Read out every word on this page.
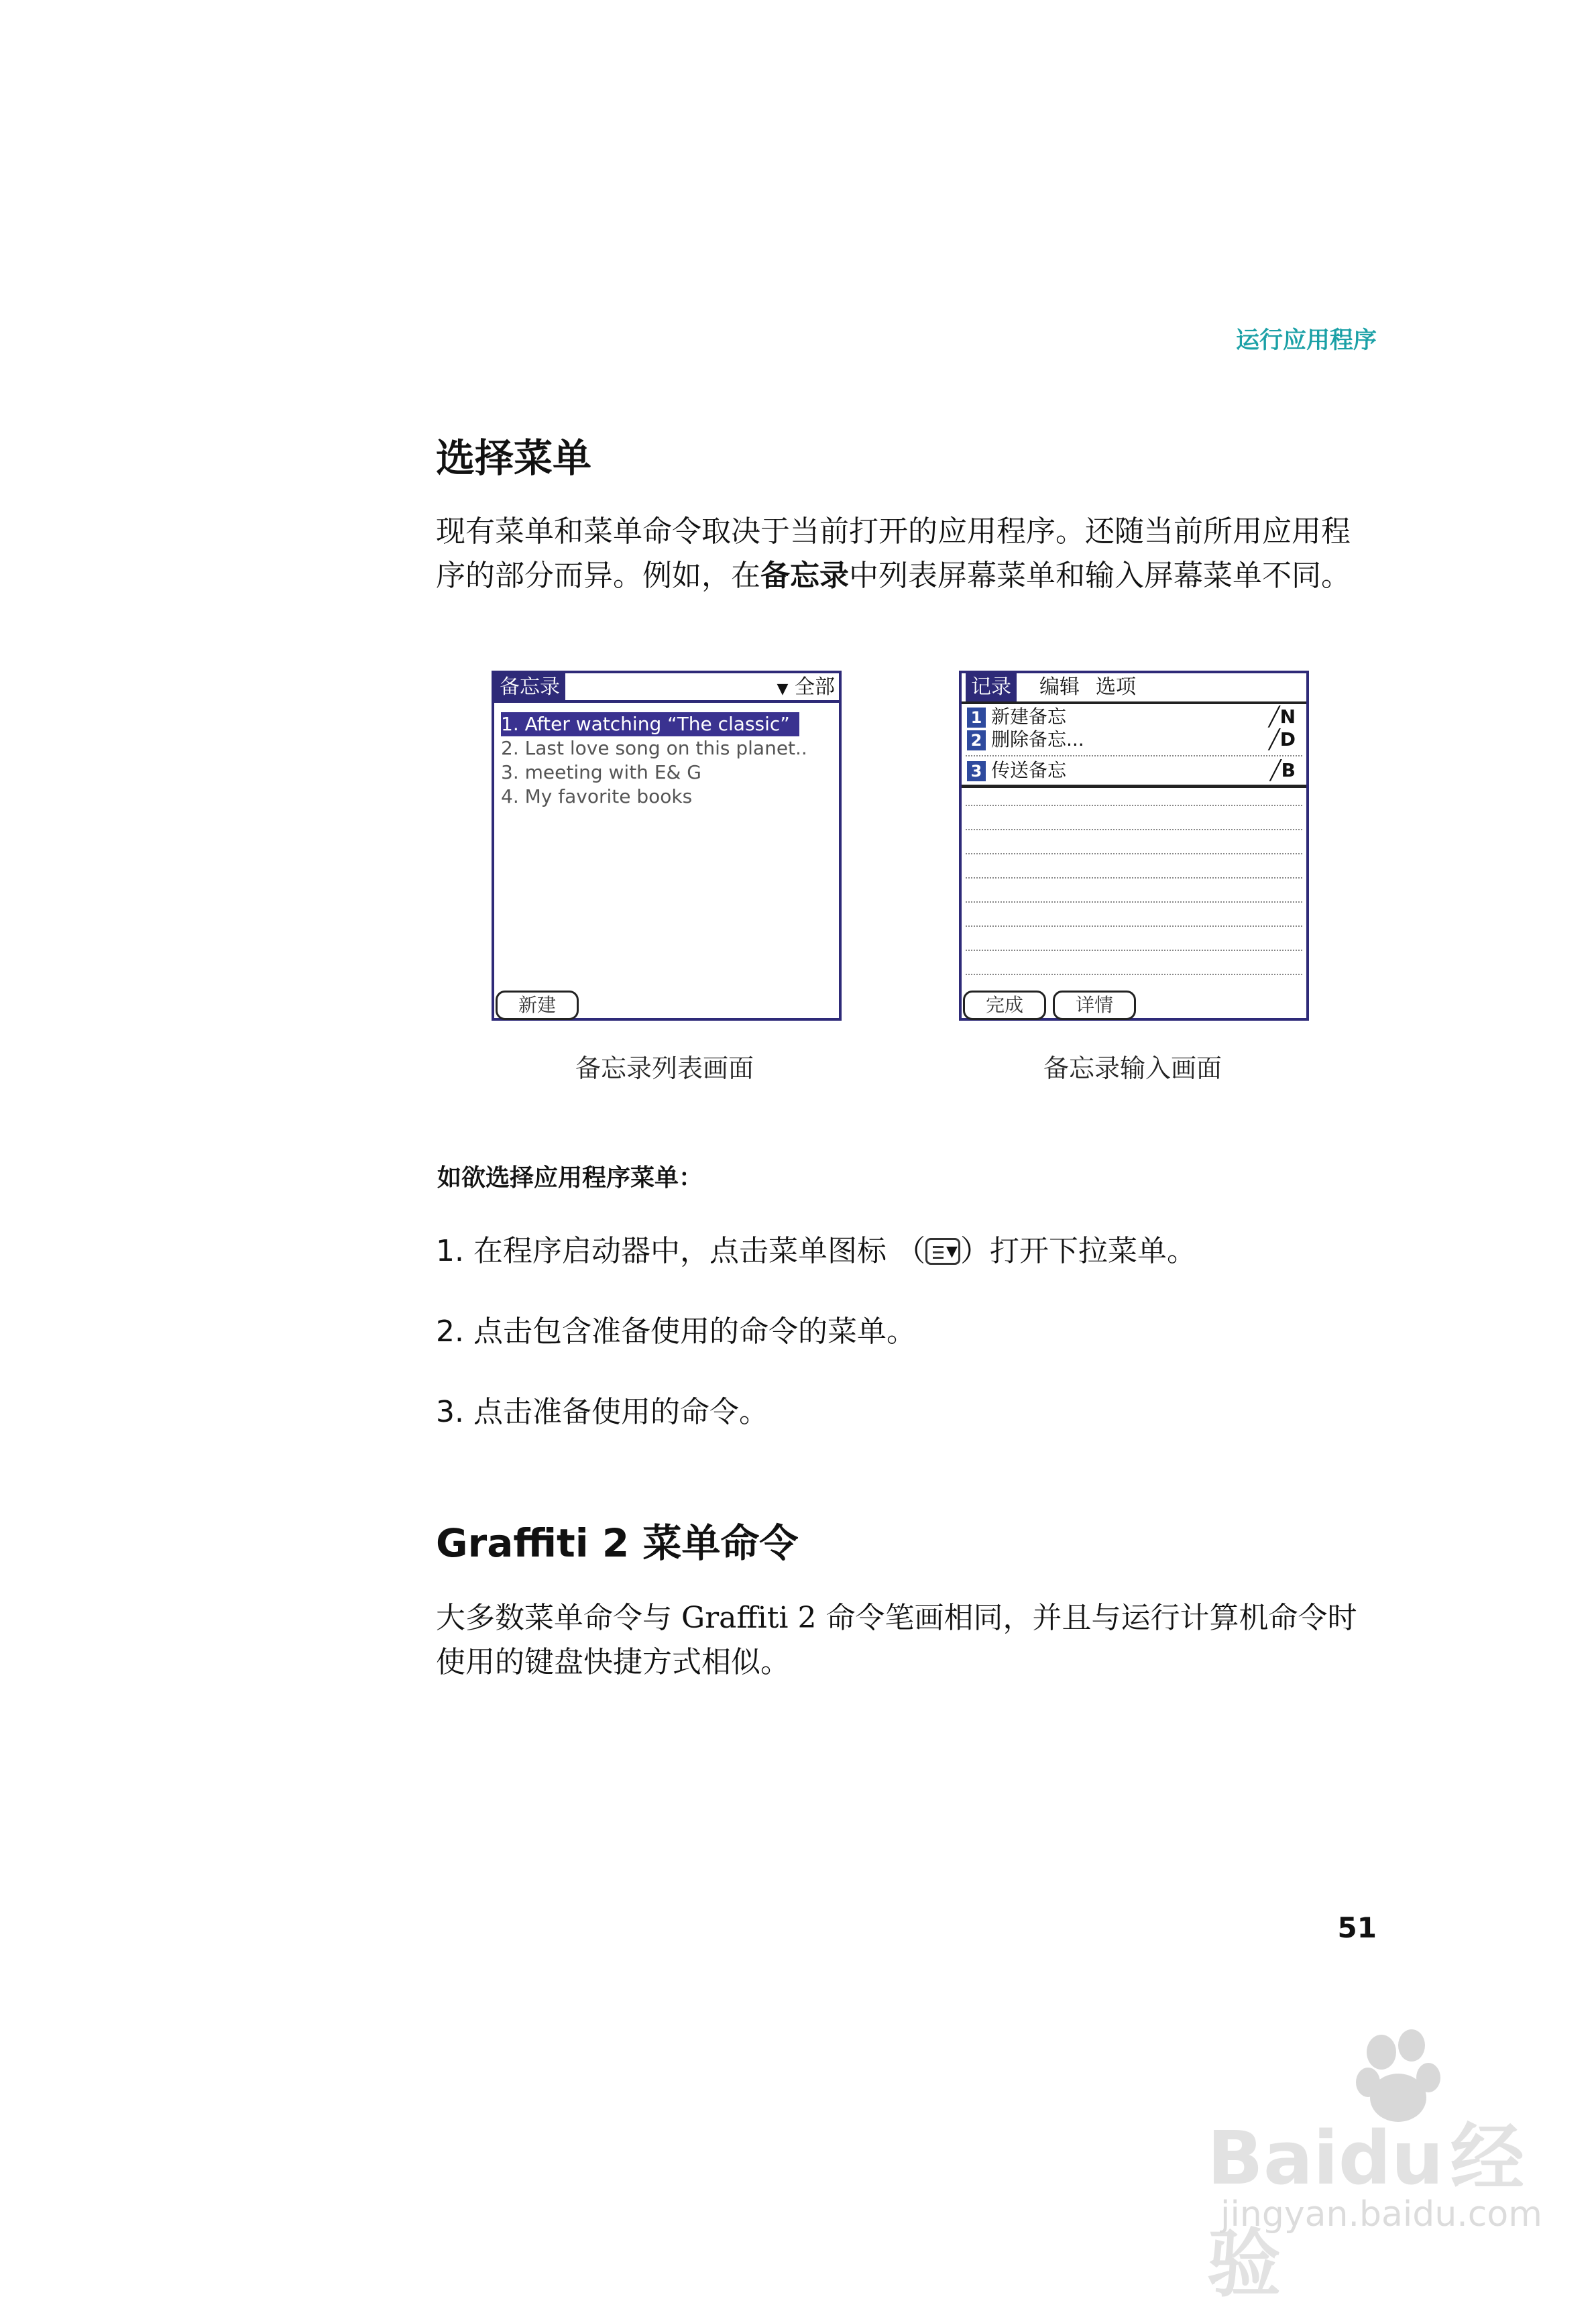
运行应用程序
选择菜单
现有菜单和菜单命令取决于当前打开的应用程序。还随当前所用应用程序的部分而异。例如，在备忘录中列表屏幕菜单和输入屏幕菜单不同。
备忘录	▼ 全部
1. After watching “The classic”
2. Last love song on this planet..
3. meeting with E& G
4. My favorite books
新建
备忘录列表画面
记录 编辑 选项
1 新建备忘	╱N
2 删除备忘...	╱D
3 传送备忘	╱B
完成	详情
备忘录输入画面
如欲选择应用程序菜单：
1. 在程序启动器中，点击菜单图标 （ ▼ ）打开下拉菜单。
2. 点击包含准备使用的命令的菜单。
3. 点击准备使用的命令。
Graffiti 2 菜单命令
大多数菜单命令与 Graffiti 2 命令笔画相同，并且与运行计算机命令时使用的键盘快捷方式相似。
51
Baidu经验
jingyan.baidu.com
